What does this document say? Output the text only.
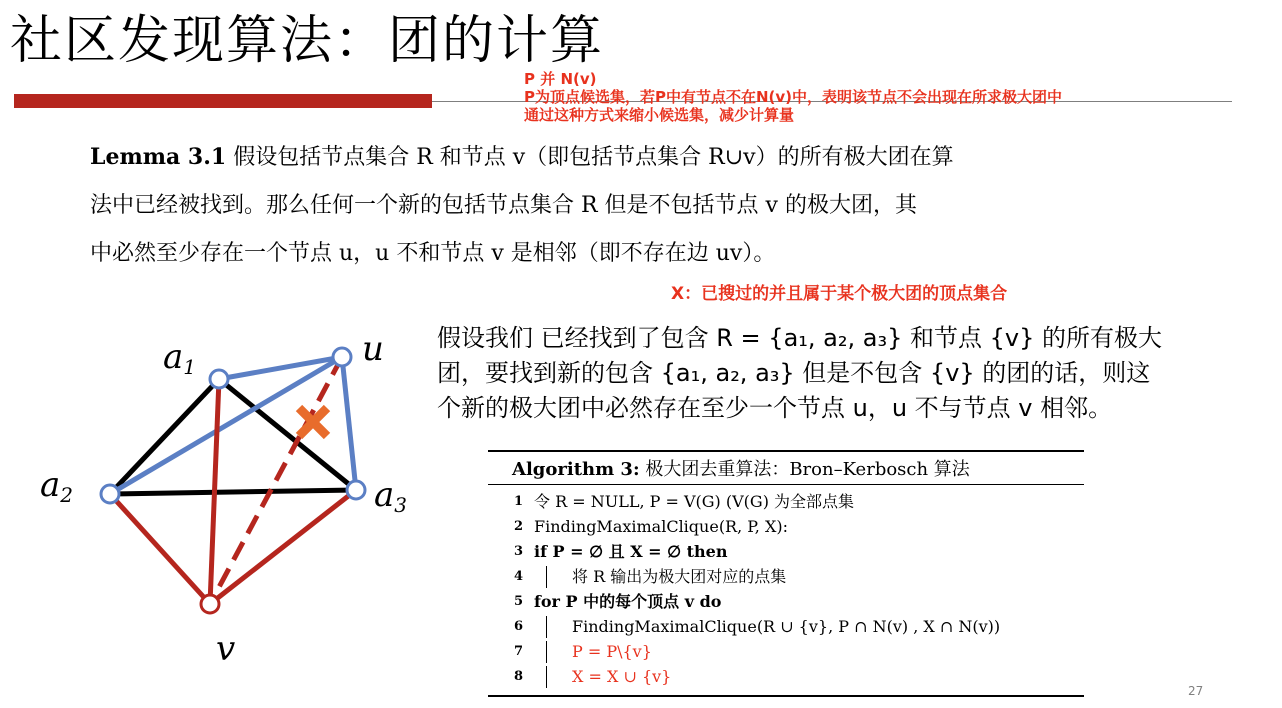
社区发现算法：团的计算
P 并 N(v)
P为顶点候选集，若P中有节点不在N(v)中，表明该节点不会出现在所求极大团中
通过这种方式来缩小候选集，减少计算量
Lemma 3.1 假设包括节点集合 R 和节点 v（即包括节点集合 R∪v）的所有极大团在算
法中已经被找到。那么任何一个新的包括节点集合 R 但是不包括节点 v 的极大团，其
中必然至少存在一个节点 u，u 不和节点 v 是相邻（即不存在边 uv）。
X：已搜过的并且属于某个极大团的顶点集合
假设我们 已经找到了包含 R = {a₁, a₂, a₃} 和节点 {v} 的所有极大
团，要找到新的包含 {a₁, a₂, a₃} 但是不包含 {v} 的团的话，则这
个新的极大团中必然存在至少一个节点 u，u 不与节点 v 相邻。
a1
a2	a3
u
v
Algorithm 3: 极大团去重算法：Bron–Kerbosch 算法
1 令 R = NULL, P = V(G) (V(G) 为全部点集
2 FindingMaximalClique(R, P, X):
3 if P = ∅ 且 X = ∅ then
4	将 R 输出为极大团对应的点集
5 for P 中的每个顶点 v do
6	FindingMaximalClique(R ∪ {v}, P ∩ N(v) , X ∩ N(v))
7	P = P\{v}
8	X = X ∪ {v}
27
